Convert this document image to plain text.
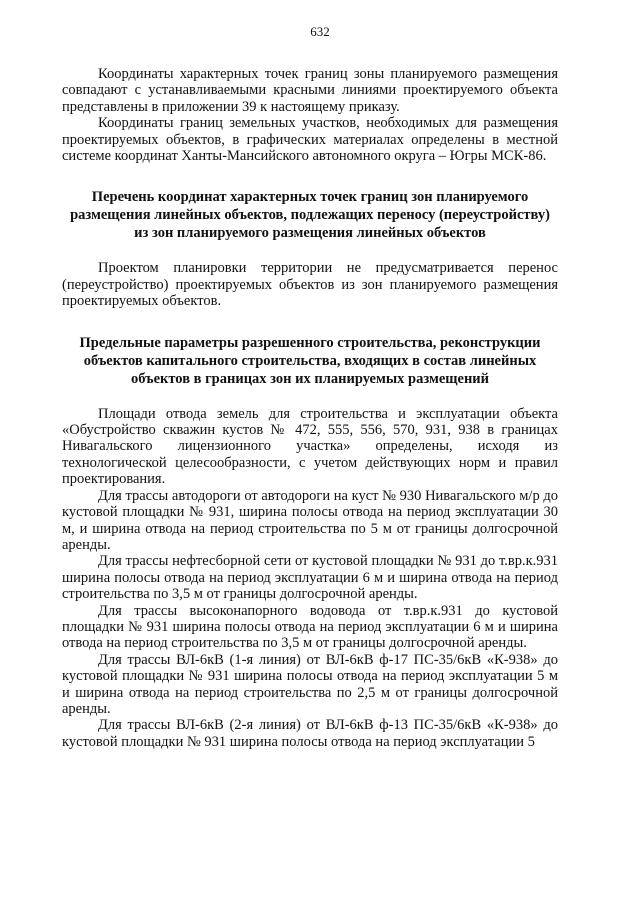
632

Координаты характерных точек границ зоны планируемого размещения совпадают с устанавливаемыми красными линиями проектируемого объекта представлены в приложении 39 к настоящему приказу.

Координаты границ земельных участков, необходимых для размещения проектируемых объектов, в графических материалах определены в местной системе координат Ханты-Мансийского автономного округа – Югры МСК-86.

Перечень координат характерных точек границ зон планируемого размещения линейных объектов, подлежащих переносу (переустройству) из зон планируемого размещения линейных объектов

Проектом планировки территории не предусматривается перенос (переустройство) проектируемых объектов из зон планируемого размещения проектируемых объектов.

Предельные параметры разрешенного строительства, реконструкции объектов капитального строительства, входящих в состав линейных объектов в границах зон их планируемых размещений

Площади отвода земель для строительства и эксплуатации объекта «Обустройство скважин кустов № 472, 555, 556, 570, 931, 938 в границах Нивагальского лицензионного участка» определены, исходя из технологической целесообразности, с учетом действующих норм и правил проектирования.

Для трассы автодороги от автодороги на куст № 930 Нивагальского м/р до кустовой площадки № 931, ширина полосы отвода на период эксплуатации 30 м, и ширина отвода на период строительства по 5 м от границы долгосрочной аренды.

Для трассы нефтесборной сети от кустовой площадки № 931 до т.вр.к.931 ширина полосы отвода на период эксплуатации 6 м и ширина отвода на период строительства по 3,5 м от границы долгосрочной аренды.

Для трассы высоконапорного водовода от т.вр.к.931 до кустовой площадки № 931 ширина полосы отвода на период эксплуатации 6 м и ширина отвода на период строительства по 3,5 м от границы долгосрочной аренды.

Для трассы ВЛ-6кВ (1-я линия) от ВЛ-6кВ ф-17 ПС-35/6кВ «К-938» до кустовой площадки № 931 ширина полосы отвода на период эксплуатации 5 м и ширина отвода на период строительства по 2,5 м от границы долгосрочной аренды.

Для трассы ВЛ-6кВ (2-я линия) от ВЛ-6кВ ф-13 ПС-35/6кВ «К-938» до кустовой площадки № 931 ширина полосы отвода на период эксплуатации 5
